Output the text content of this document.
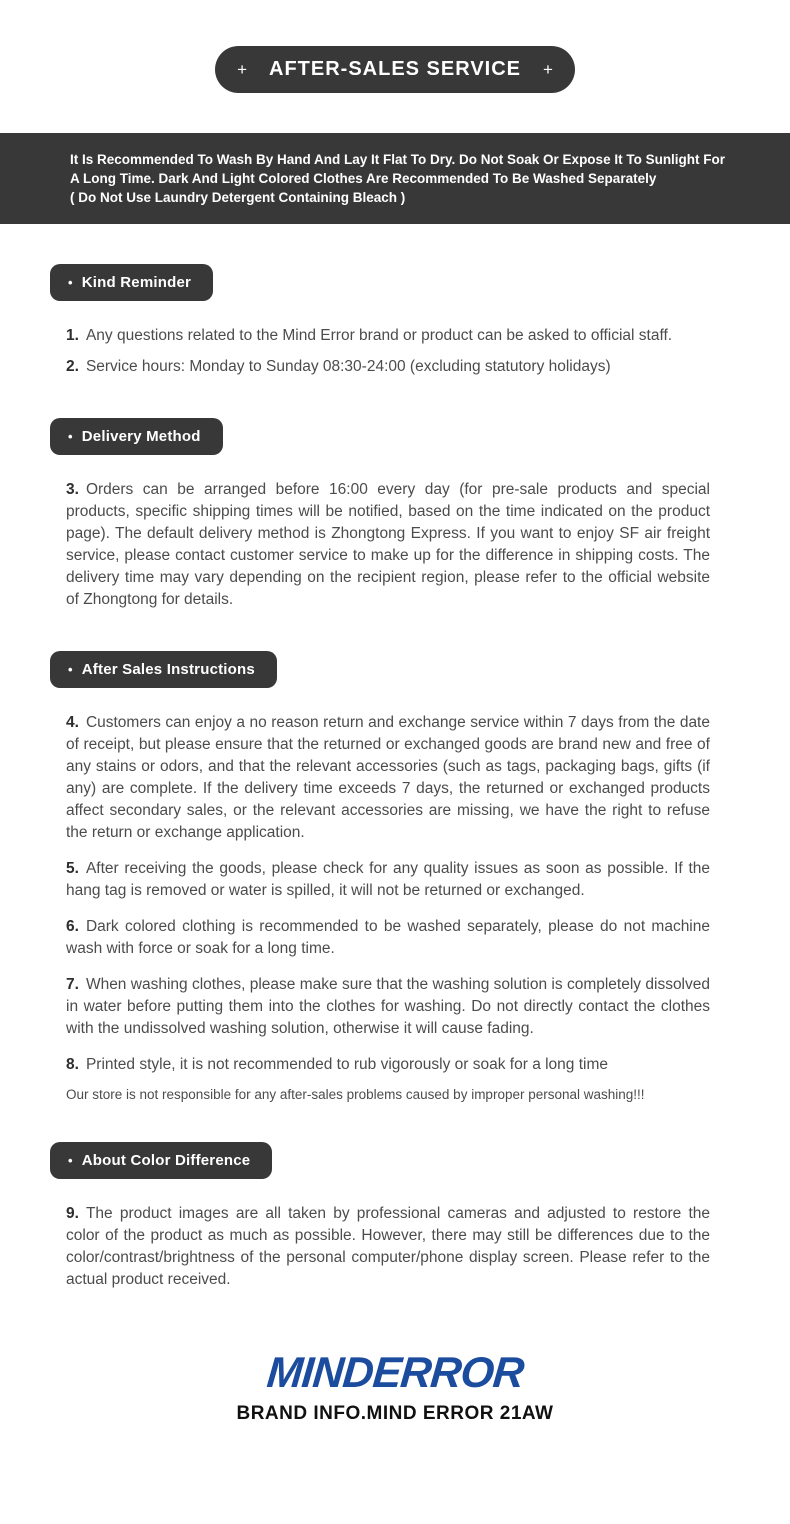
+ AFTER-SALES SERVICE +
It Is Recommended To Wash By Hand And Lay It Flat To Dry. Do Not Soak Or Expose It To Sunlight For
A Long Time. Dark And Light Colored Clothes Are Recommended To Be Washed Separately
( Do Not Use Laundry Detergent Containing Bleach )
• Kind Reminder

1. Any questions related to the Mind Error brand or product can be asked to official staff.

2. Service hours: Monday to Sunday 08:30-24:00 (excluding statutory holidays)

• Delivery Method

3. Orders can be arranged before 16:00 every day (for pre-sale products and special products, specific shipping times will be notified, based on the time indicated on the product page). The default delivery method is Zhongtong Express. If you want to enjoy SF air freight service, please contact customer service to make up for the difference in shipping costs. The delivery time may vary depending on the recipient region, please refer to the official website of Zhongtong for details.

• After Sales Instructions

4. Customers can enjoy a no reason return and exchange service within 7 days from the date of receipt, but please ensure that the returned or exchanged goods are brand new and free of any stains or odors, and that the relevant accessories (such as tags, packaging bags, gifts (if any) are complete. If the delivery time exceeds 7 days, the returned or exchanged products affect secondary sales, or the relevant accessories are missing, we have the right to refuse the return or exchange application.

5. After receiving the goods, please check for any quality issues as soon as possible. If the hang tag is removed or water is spilled, it will not be returned or exchanged.

6. Dark colored clothing is recommended to be washed separately, please do not machine wash with force or soak for a long time.

7. When washing clothes, please make sure that the washing solution is completely dissolved in water before putting them into the clothes for washing. Do not directly contact the clothes with the undissolved washing solution, otherwise it will cause fading.

8. Printed style, it is not recommended to rub vigorously or soak for a long time

Our store is not responsible for any after-sales problems caused by improper personal washing!!!

• About Color Difference

9. The product images are all taken by professional cameras and adjusted to restore the color of the product as much as possible. However, there may still be differences due to the color/contrast/brightness of the personal computer/phone display screen. Please refer to the actual product received.

MINDERROR
BRAND INFO.MIND ERROR 21AW
